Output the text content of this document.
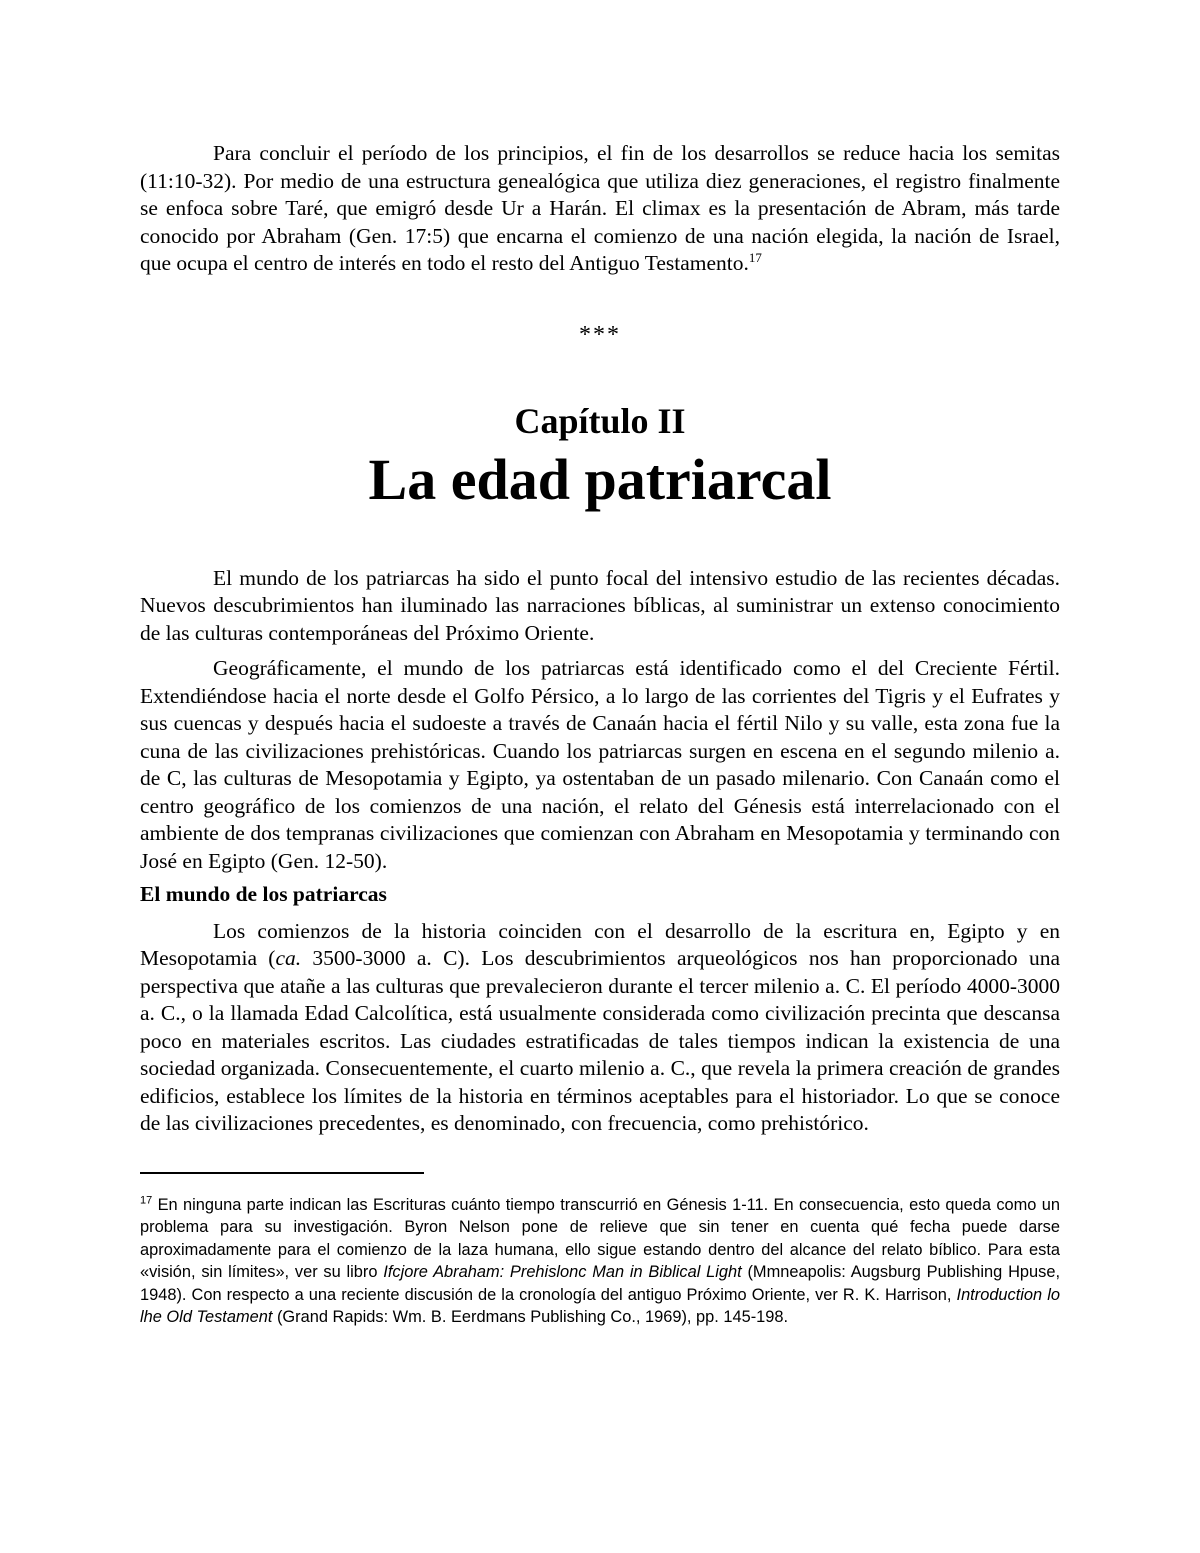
Para concluir el período de los principios, el fin de los desarrollos se reduce hacia los semitas (11:10-32). Por medio de una estructura genealógica que utiliza diez generaciones, el registro finalmente se enfoca sobre Taré, que emigró desde Ur a Harán. El climax es la presentación de Abram, más tarde conocido por Abraham (Gen. 17:5) que encarna el comienzo de una nación elegida, la nación de Israel, que ocupa el centro de interés en todo el resto del Antiguo Testamento.$^{17}$

***
Capítulo II
La edad patriarcal

El mundo de los patriarcas ha sido el punto focal del intensivo estudio de las recientes décadas. Nuevos descubrimientos han iluminado las narraciones bíblicas, al suministrar un extenso conocimiento de las culturas contemporáneas del Próximo Oriente.

Geográficamente, el mundo de los patriarcas está identificado como el del Creciente Fértil. Extendiéndose hacia el norte desde el Golfo Pérsico, a lo largo de las corrientes del Tigris y el Eufrates y sus cuencas y después hacia el sudoeste a través de Canaán hacia el fértil Nilo y su valle, esta zona fue la cuna de las civilizaciones prehistóricas. Cuando los patriarcas surgen en escena en el segundo milenio a. de C, las culturas de Mesopotamia y Egipto, ya ostentaban de un pasado milenario. Con Canaán como el centro geográfico de los comienzos de una nación, el relato del Génesis está interrelacionado con el ambiente de dos tempranas civilizaciones que comienzan con Abraham en Mesopotamia y terminando con José en Egipto (Gen. 12-50).

El mundo de los patriarcas

Los comienzos de la historia coinciden con el desarrollo de la escritura en, Egipto y en Mesopotamia (ca. 3500-3000 a. C). Los descubrimientos arqueológicos nos han proporcionado una perspectiva que atañe a las culturas que prevalecieron durante el tercer milenio a. C. El período 4000-3000 a. C., o la llamada Edad Calcolítica, está usualmente considerada como civilización precinta que descansa poco en materiales escritos. Las ciudades estratificadas de tales tiempos indican la existencia de una sociedad organizada. Consecuentemente, el cuarto milenio a. C., que revela la primera creación de grandes edificios, establece los límites de la historia en términos aceptables para el historiador. Lo que se conoce de las civilizaciones precedentes, es denominado, con frecuencia, como prehistórico.

$^{17}$ En ninguna parte indican las Escrituras cuánto tiempo transcurrió en Génesis 1-11. En consecuencia, esto queda como un problema para su investigación. Byron Nelson pone de relieve que sin tener en cuenta qué fecha puede darse aproximadamente para el comienzo de la laza humana, ello sigue estando dentro del alcance del relato bíblico. Para esta «visión, sin límites», ver su libro Ifcjore Abraham: Prehislonc Man in Biblical Light (Mmneapolis: Augsburg Publishing Hpuse, 1948). Con respecto a una reciente discusión de la cronología del antiguo Próximo Oriente, ver R. K. Harrison, Introduction lo lhe Old Testament (Grand Rapids: Wm. B. Eerdmans Publishing Co., 1969), pp. 145-198.
